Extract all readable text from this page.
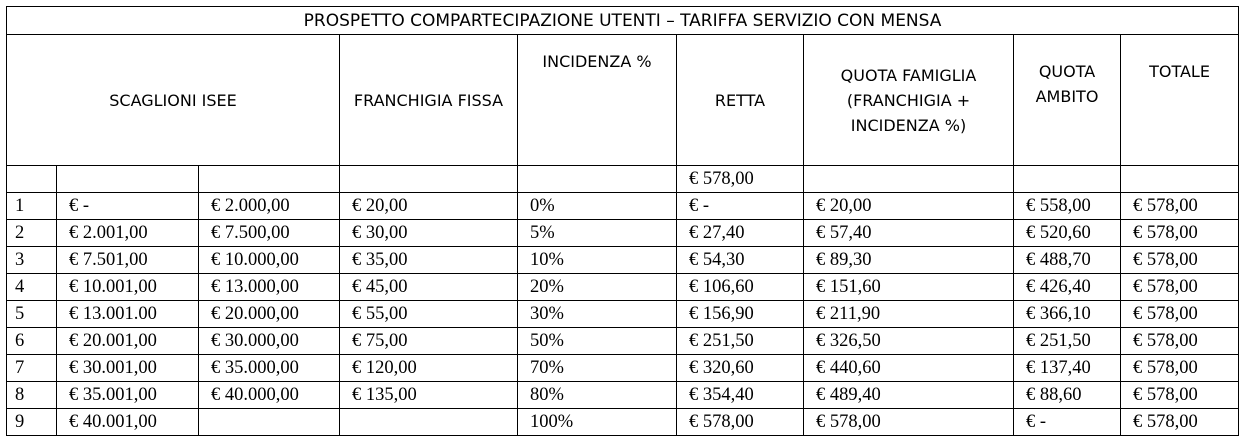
PROSPETTO COMPARTECIPAZIONE UTENTI – TARIFFA SERVIZIO CON MENSA								
SCAGLIONI ISEE			FRANCHIGIA FISSA	INCIDENZA %	RETTA	QUOTA FAMIGLIA (FRANCHIGIA + INCIDENZA %)	QUOTA AMBITO	TOTALE
					€ 578,00			
1	€ -	€ 2.000,00	€ 20,00	0%	€ -	€ 20,00	€ 558,00	€ 578,00
2	€ 2.001,00	€ 7.500,00	€ 30,00	5%	€ 27,40	€ 57,40	€ 520,60	€ 578,00
3	€ 7.501,00	€ 10.000,00	€ 35,00	10%	€ 54,30	€ 89,30	€ 488,70	€ 578,00
4	€ 10.001,00	€ 13.000,00	€ 45,00	20%	€ 106,60	€ 151,60	€ 426,40	€ 578,00
5	€ 13.001.00	€ 20.000,00	€ 55,00	30%	€ 156,90	€ 211,90	€ 366,10	€ 578,00
6	€ 20.001,00	€ 30.000,00	€ 75,00	50%	€ 251,50	€ 326,50	€ 251,50	€ 578,00
7	€ 30.001,00	€ 35.000,00	€ 120,00	70%	€ 320,60	€ 440,60	€ 137,40	€ 578,00
8	€ 35.001,00	€ 40.000,00	€ 135,00	80%	€ 354,40	€ 489,40	€ 88,60	€ 578,00
9	€ 40.001,00			100%	€ 578,00	€ 578,00	€ -	€ 578,00
